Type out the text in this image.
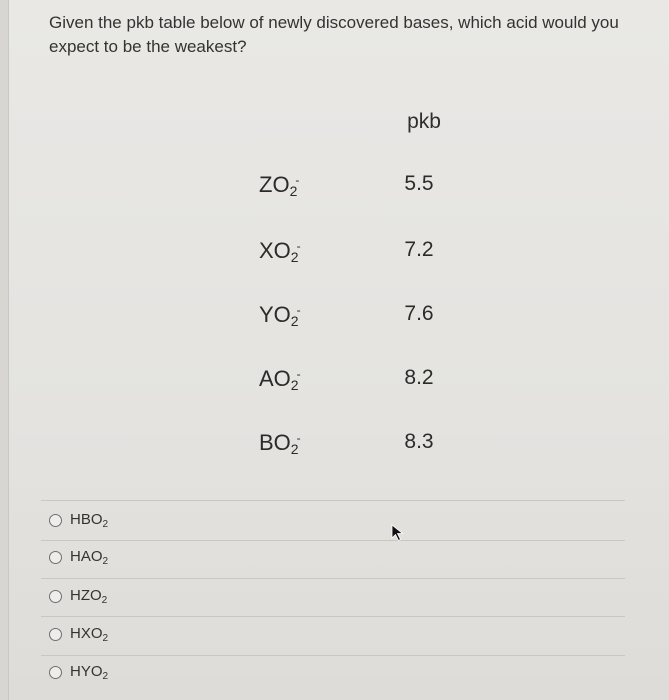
Given the pkb table below of newly discovered bases, which acid would you expect to be the weakest?
pkb
$ZO_2^-$	5.5
$XO_2^-$	7.2
$YO_2^-$	7.6
$AO_2^-$	8.2
$BO_2^-$	8.3
$HBO_2$
$HAO_2$
$HZO_2$
$HXO_2$
$HYO_2$
